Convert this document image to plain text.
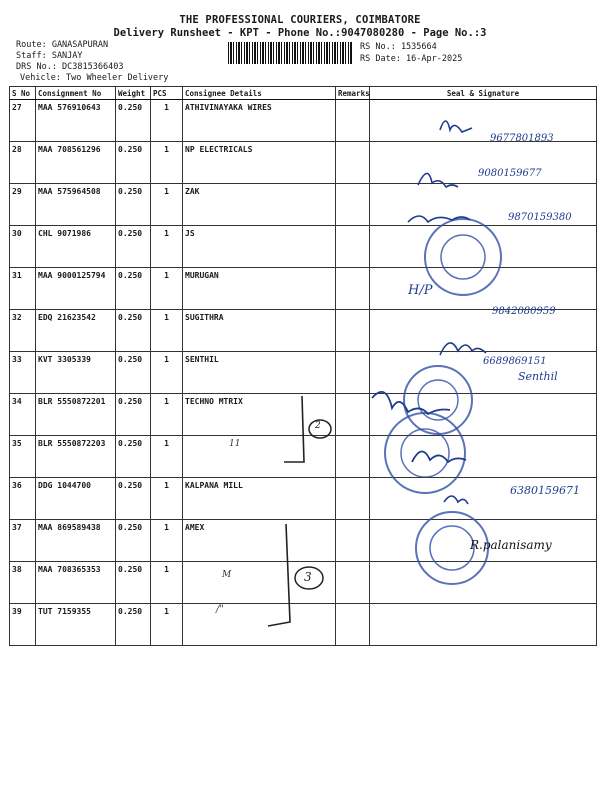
THE PROFESSIONAL COURIERS, COIMBATORE
Delivery Runsheet - KPT - Phone No.:9047080280 - Page No.:3
Route: GANASAPURAN
Staff: SANJAY
DRS No.: DC3815366403
Vehicle: Two Wheeler Delivery
RS No.: 1535664
RS Date: 16-Apr-2025
S No	Consignment No	Weight	PCS	Consignee Details	Remarks	Seal & Signature
27	MAA 576910643	0.250	1	ATHIVINAYAKA WIRES		
28	MAA 708561296	0.250	1	NP ELECTRICALS		
29	MAA 575964508	0.250	1	ZAK		
30	CHL 9071986	0.250	1	JS		
31	MAA 9000125794	0.250	1	MURUGAN		
32	EDQ 21623542	0.250	1	SUGITHRA		
33	KVT 3305339	0.250	1	SENTHIL		
34	BLR 5550872201	0.250	1	TECHNO MTRIX		
35	BLR 5550872203	0.250	1			
36	DDG 1044700	0.250	1	KALPANA MILL		
37	MAA 869589438	0.250	1	AMEX		
38	MAA 708365353	0.250	1			
39	TUT 7159355	0.250	1			
9677801893
9080159677
9870159380
H/P
9842080959
6689869151
Senthil
6380159671
R.palanisamy
11
2
3
M
/"
